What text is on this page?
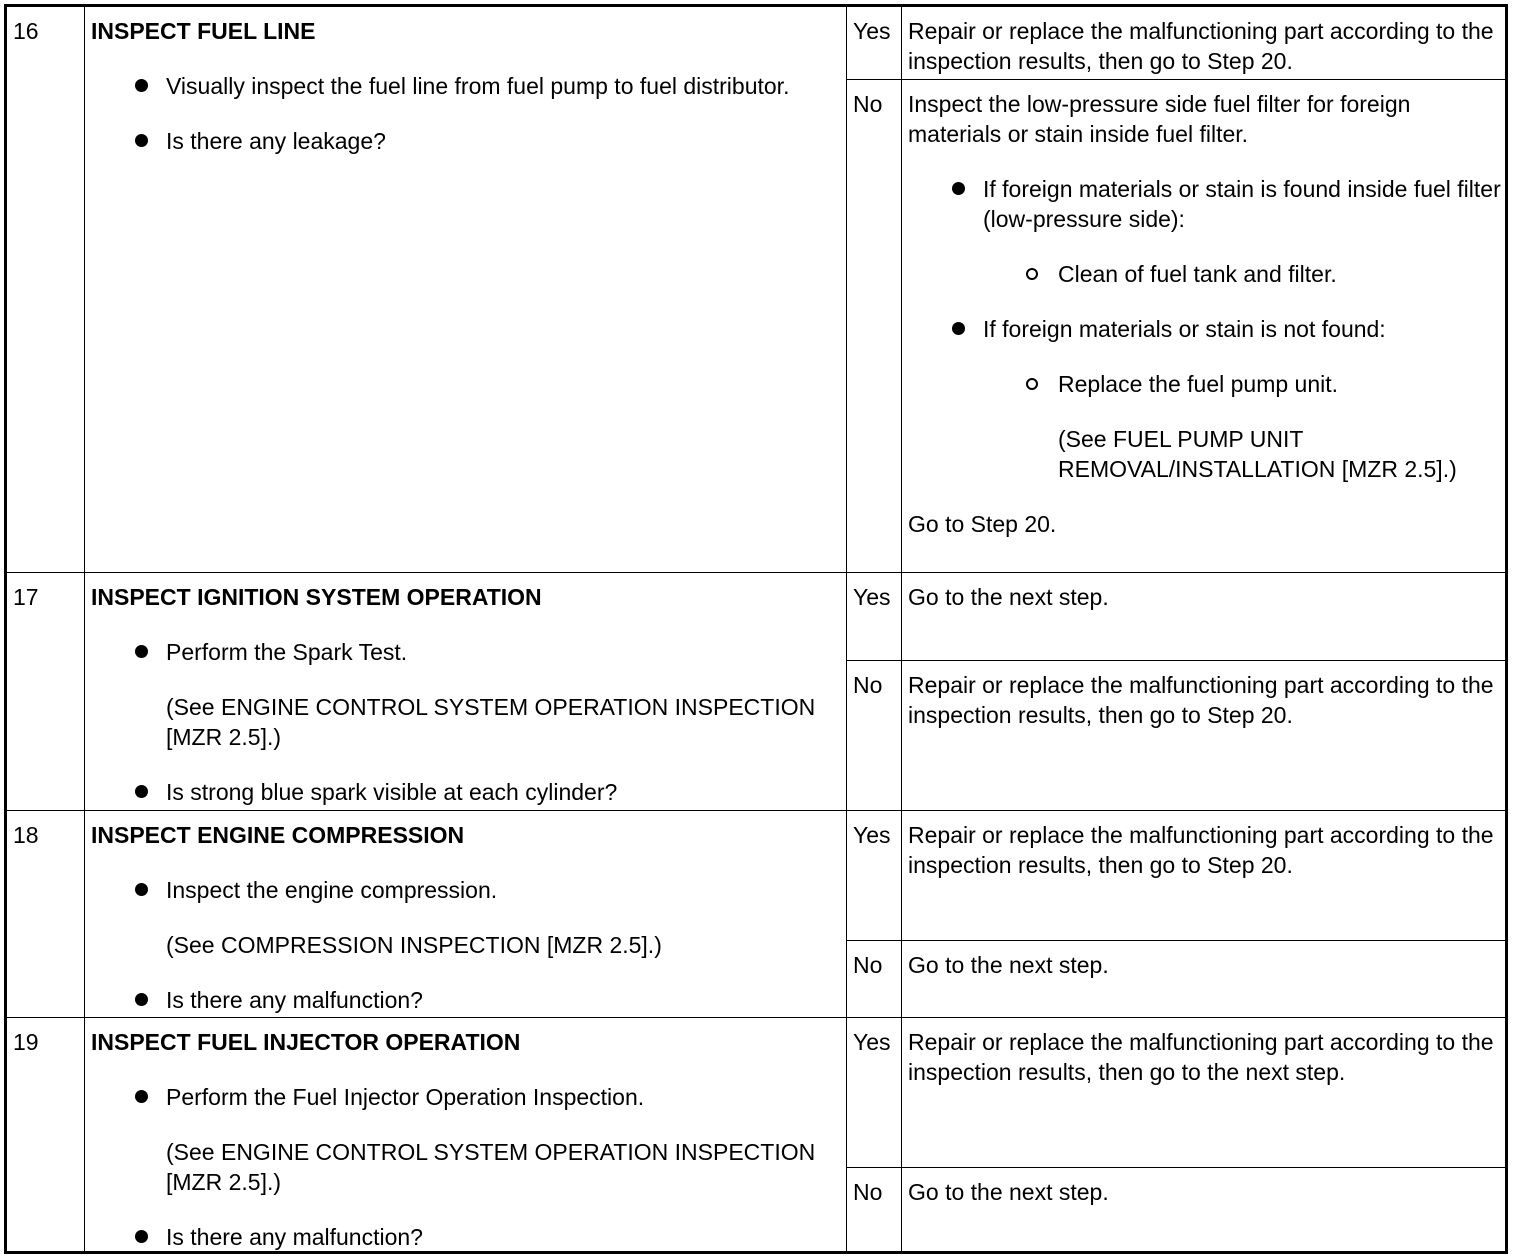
16	INSPECT FUEL LINE
Visually inspect the fuel line from fuel pump to fuel distributor.
Is there any leakage?
Yes Repair or replace the malfunctioning part according to the inspection results, then go to Step 20.
No	Inspect the low-pressure side fuel filter for foreign materials or stain inside fuel filter.
If foreign materials or stain is found inside fuel filter (low-pressure side):
Clean of fuel tank and filter.
If foreign materials or stain is not found:
Replace the fuel pump unit.
(See FUEL PUMP UNIT REMOVAL/INSTALLATION [MZR 2.5].)
Go to Step 20.
17	INSPECT IGNITION SYSTEM OPERATION
Perform the Spark Test.
(See ENGINE CONTROL SYSTEM OPERATION INSPECTION [MZR 2.5].)
Is strong blue spark visible at each cylinder?
Yes Go to the next step.
No	Repair or replace the malfunctioning part according to the inspection results, then go to Step 20.
18	INSPECT ENGINE COMPRESSION
Inspect the engine compression.
(See COMPRESSION INSPECTION [MZR 2.5].)
Is there any malfunction?
Yes Repair or replace the malfunctioning part according to the inspection results, then go to Step 20.
No	Go to the next step.
19	INSPECT FUEL INJECTOR OPERATION
Perform the Fuel Injector Operation Inspection.
(See ENGINE CONTROL SYSTEM OPERATION INSPECTION [MZR 2.5].)
Is there any malfunction?
Yes Repair or replace the malfunctioning part according to the inspection results, then go to the next step.
No	Go to the next step.
